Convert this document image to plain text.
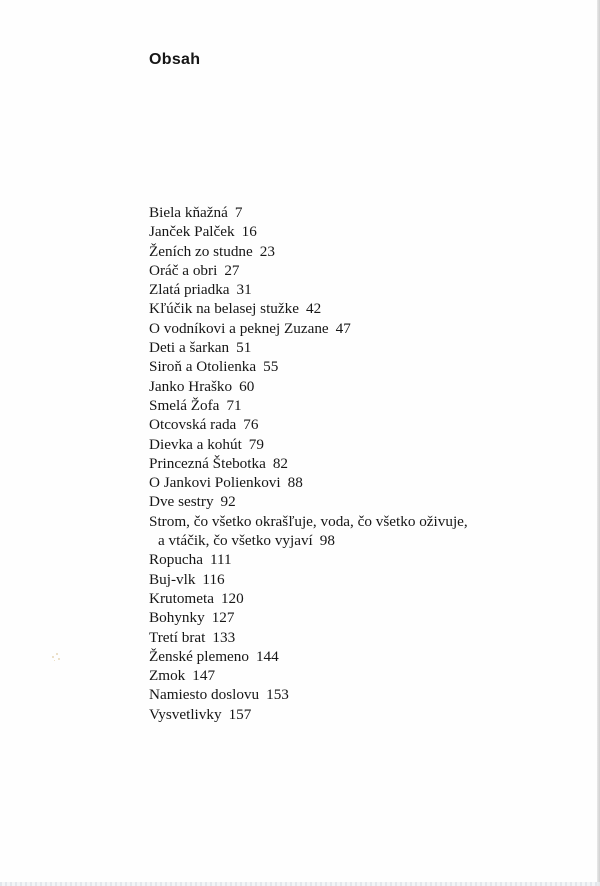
Obsah
Biela kňažná 7
Janček Palček 16
Ženích zo studne 23
Oráč a obri 27
Zlatá priadka 31
Kľúčik na belasej stužke 42
O vodníkovi a peknej Zuzane 47
Deti a šarkan 51
Siroň a Otolienka 55
Janko Hraško 60
Smelá Žofa 71
Otcovská rada 76
Dievka a kohút 79
Princezná Štebotka 82
O Jankovi Polienkovi 88
Dve sestry 92
Strom, čo všetko okrašľuje, voda, čo všetko oživuje,
a vtáčik, čo všetko vyjaví 98
Ropucha 111
Buj-vlk 116
Krutometa 120
Bohynky 127
Tretí brat 133
Ženské plemeno 144
Zmok 147
Namiesto doslovu 153
Vysvetlivky 157
